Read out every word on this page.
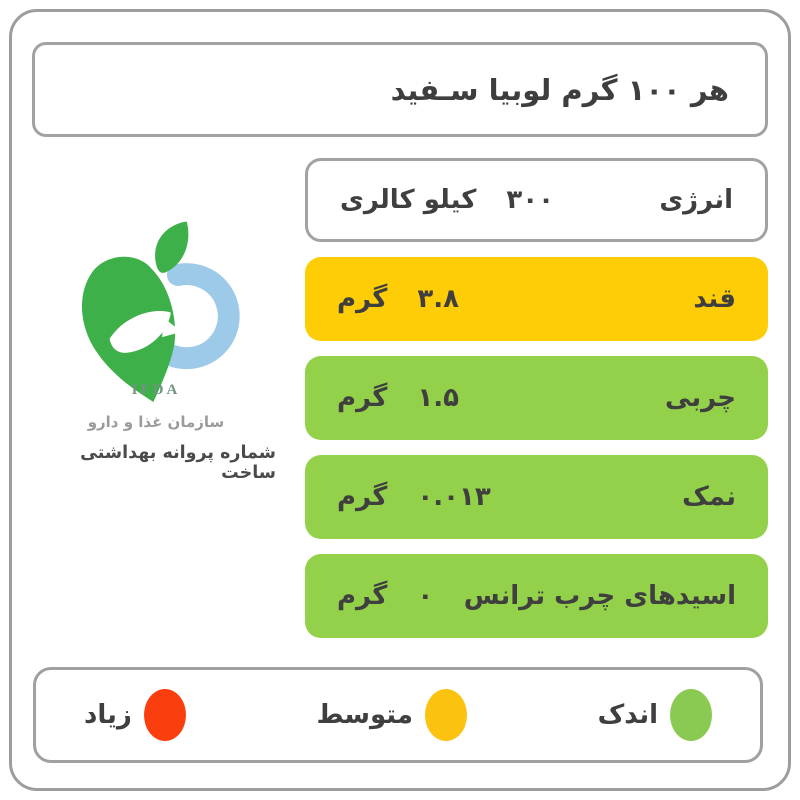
هر ۱۰۰ گرم لوبیا سـفید
انرژی
۳۰۰
کیلو کالری
قند
۳.۸
گرم
چربی
۱.۵
گرم
نمک
۰.۰۱۳
گرم
اسیدهای چرب ترانس
۰
گرم
IFDA
سازمان غذا و دارو
شماره پروانه بهداشتی ساخت
اندک
متوسط
زیاد
